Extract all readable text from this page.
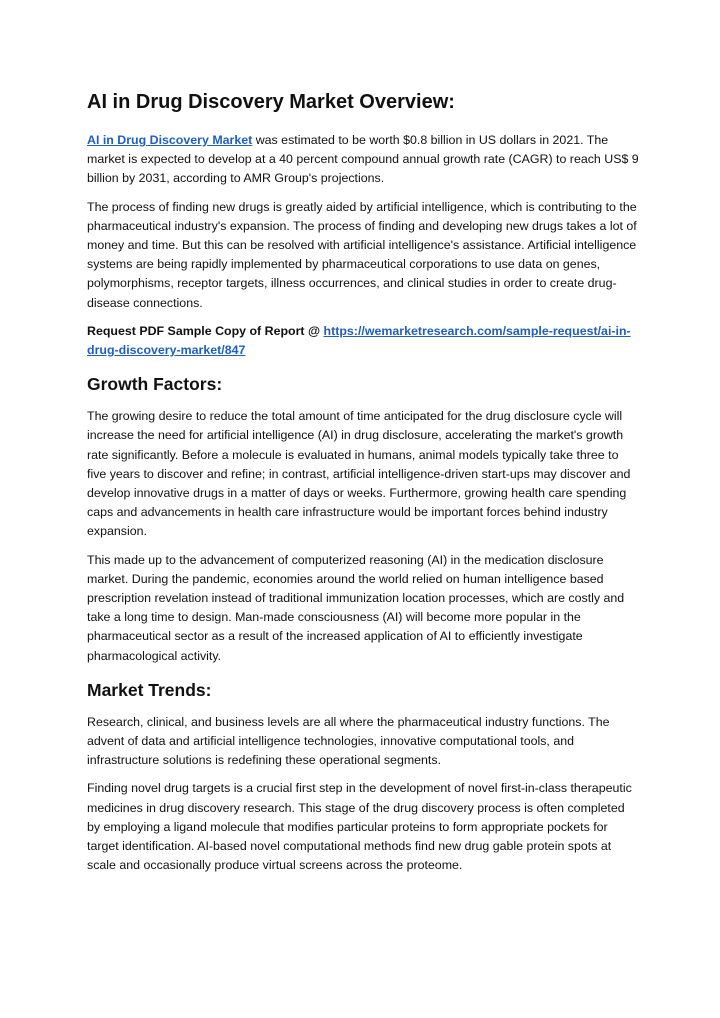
AI in Drug Discovery Market Overview:

AI in Drug Discovery Market was estimated to be worth $0.8 billion in US dollars in 2021. The market is expected to develop at a 40 percent compound annual growth rate (CAGR) to reach US$ 9 billion by 2031, according to AMR Group's projections.

The process of finding new drugs is greatly aided by artificial intelligence, which is contributing to the pharmaceutical industry's expansion. The process of finding and developing new drugs takes a lot of money and time. But this can be resolved with artificial intelligence's assistance. Artificial intelligence systems are being rapidly implemented by pharmaceutical corporations to use data on genes, polymorphisms, receptor targets, illness occurrences, and clinical studies in order to create drug-disease connections.

Request PDF Sample Copy of Report @ https://wemarketresearch.com/sample-request/ai-in-drug-discovery-market/847

Growth Factors:

The growing desire to reduce the total amount of time anticipated for the drug disclosure cycle will increase the need for artificial intelligence (AI) in drug disclosure, accelerating the market's growth rate significantly. Before a molecule is evaluated in humans, animal models typically take three to five years to discover and refine; in contrast, artificial intelligence-driven start-ups may discover and develop innovative drugs in a matter of days or weeks. Furthermore, growing health care spending caps and advancements in health care infrastructure would be important forces behind industry expansion.

This made up to the advancement of computerized reasoning (AI) in the medication disclosure market. During the pandemic, economies around the world relied on human intelligence based prescription revelation instead of traditional immunization location processes, which are costly and take a long time to design. Man-made consciousness (AI) will become more popular in the pharmaceutical sector as a result of the increased application of AI to efficiently investigate pharmacological activity.

Market Trends:

Research, clinical, and business levels are all where the pharmaceutical industry functions. The advent of data and artificial intelligence technologies, innovative computational tools, and infrastructure solutions is redefining these operational segments.

Finding novel drug targets is a crucial first step in the development of novel first-in-class therapeutic medicines in drug discovery research. This stage of the drug discovery process is often completed by employing a ligand molecule that modifies particular proteins to form appropriate pockets for target identification. AI-based novel computational methods find new drug gable protein spots at scale and occasionally produce virtual screens across the proteome.
